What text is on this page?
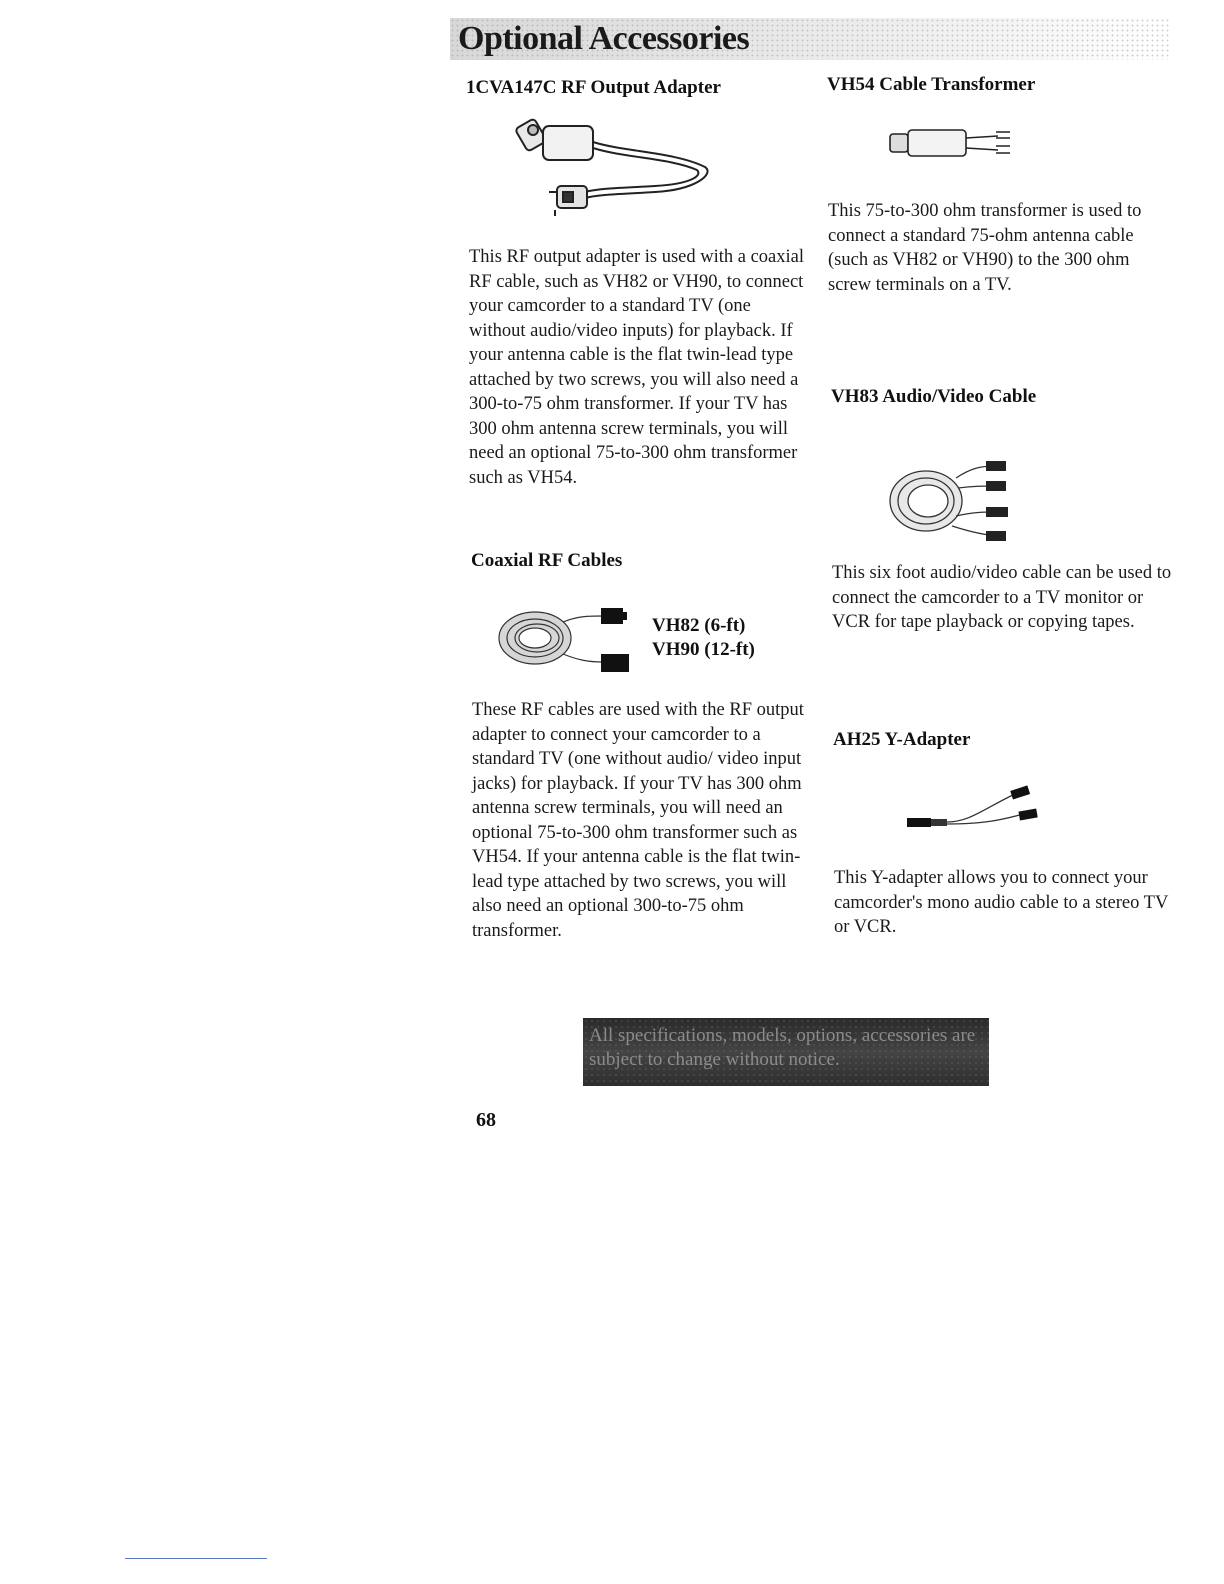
Optional Accessories
1CVA147C RF Output Adapter

This RF output adapter is used with a coaxial RF cable, such as VH82 or VH90, to connect your camcorder to a standard TV (one without audio/video inputs) for playback. If your antenna cable is the flat twin-lead type attached by two screws, you will also need a 300-to-75 ohm transformer. If your TV has 300 ohm antenna screw terminals, you will need an optional 75-to-300 ohm transformer such as VH54.

Coaxial RF Cables
VH82 (6-ft)
VH90 (12-ft)

These RF cables are used with the RF output adapter to connect your camcorder to a standard TV (one without audio/ video input jacks) for playback. If your TV has 300 ohm antenna screw terminals, you will need an optional 75-to-300 ohm transformer such as VH54. If your antenna cable is the flat twin-lead type attached by two screws, you will also need an optional 300-to-75 ohm transformer.

VH54 Cable Transformer

This 75-to-300 ohm transformer is used to connect a standard 75-ohm antenna cable (such as VH82 or VH90) to the 300 ohm screw terminals on a TV.

VH83 Audio/Video Cable

This six foot audio/video cable can be used to connect the camcorder to a TV monitor or VCR for tape playback or copying tapes.

AH25 Y-Adapter

This Y-adapter allows you to connect your camcorder's mono audio cable to a stereo TV or VCR.

All specifications, models, options, accessories are subject to change without notice.
68
